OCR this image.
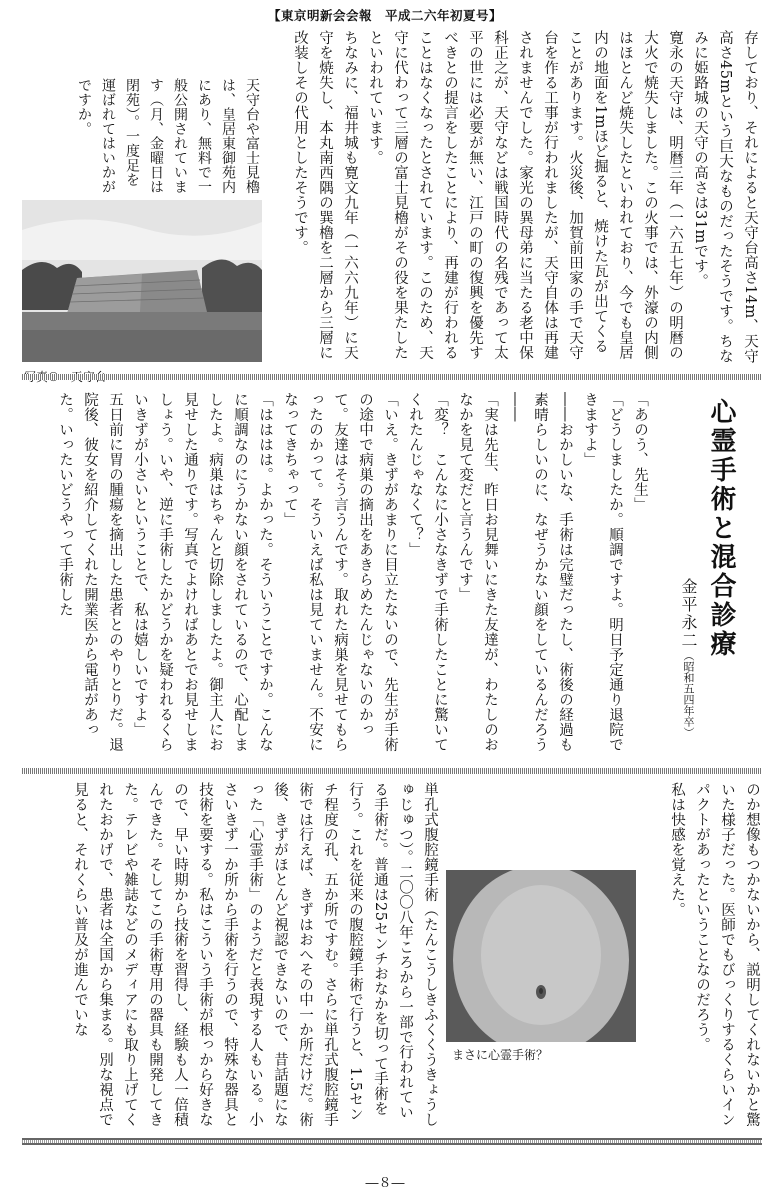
【東京明新会会報　平成二六年初夏号】

存しており、それによると天守台高さ14m、天守高さ45mという巨大なものだったそうです。ちなみに姫路城の天守の高さは31mです。

寛永の天守は、明暦三年（一六五七年）の明暦の大火で焼失しました。この火事では、外濠の内側はほとんど焼失したといわれており、今でも皇居内の地面を1mほど掘ると、焼けた瓦が出てくることがあります。火災後、加賀前田家の手で天守台を作る工事が行われましたが、天守自体は再建されませんでした。家光の異母弟に当たる老中保科正之が、天守などは戦国時代の名残であって太平の世には必要が無い、江戸の町の復興を優先すべきとの提言をしたことにより、再建が行われることはなくなったとされています。このため、天守に代わって三層の富士見櫓がその役を果たしたといわれています。

ちなみに、福井城も寛文九年（一六六九年）に天守を焼失し、本丸南西隅の巽櫓を二層から三層に改装しその代用としたそうです。

天守台や富士見櫓は、皇居東御苑内にあり、無料で一般公開されています（月、金曜日は閉苑）。一度足を運ばれてはいかがですか。

心霊手術と混合診療
金平永二（昭和五四年卒）

「あのう、先生」

「どうしましたか。順調ですよ。明日予定通り退院できますよ」

――おかしいな、手術は完璧だったし、術後の経過も素晴らしいのに、なぜうかない顔をしているんだろう――

「実は先生、昨日お見舞いにきた友達が、わたしのおなかを見て変だと言うんです」

「変？　こんなに小さなきずで手術したことに驚いてくれたんじゃなくて？」

「いえ。きずがあまりに目立たないので、先生が手術の途中で病巣の摘出をあきらめたんじゃないのかって。友達はそう言うんです。取れた病巣を見せてもらったのかって。そういえば私は見ていません。不安になってきちゃって」

「はははは。よかった。そういうことですか。こんなに順調なのにうかない顔をされているので、心配しましたよ。病巣はちゃんと切除しましたよ。御主人にお見せした通りです。写真でよければあとでお見せしましょう。いや、逆に手術したかどうかを疑われるくらいきずが小さいということで、私は嬉しいですよ」

五日前に胃の腫瘍を摘出した患者とのやりとりだ。退院後、彼女を紹介してくれた開業医から電話があった。いったいどうやって手術した

のか想像もつかないから、説明してくれないかと驚いた様子だった。医師でもびっくりするくらいインパクトがあったということなのだろう。

私は快感を覚えた。

まさに心霊手術？

単孔式腹腔鏡手術（たんこうしきふくくうきょうしゅじゅつ）。二〇〇八年ころから一部で行われている手術だ。普通は25センチおなかを切って手術を行う。これを従来の腹腔鏡手術で行うと、1.5センチ程度の孔、五か所ですむ。さらに単孔式腹腔鏡手術では行えば、きずはおへその中一か所だけだ。術後、きずがほとんど視認できないので、昔話題になった「心霊手術」のようだと表現する人もいる。小さいきず一か所から手術を行うので、特殊な器具と技術を要する。私はこういう手術が根っから好きなので、早い時期から技術を習得し、経験も人一倍積んできた。そしてこの手術専用の器具も開発してきた。テレビや雑誌などのメディアにも取り上げてくれたおかげで、患者は全国から集まる。別な視点で見ると、それくらい普及が進んでいな

―８―
